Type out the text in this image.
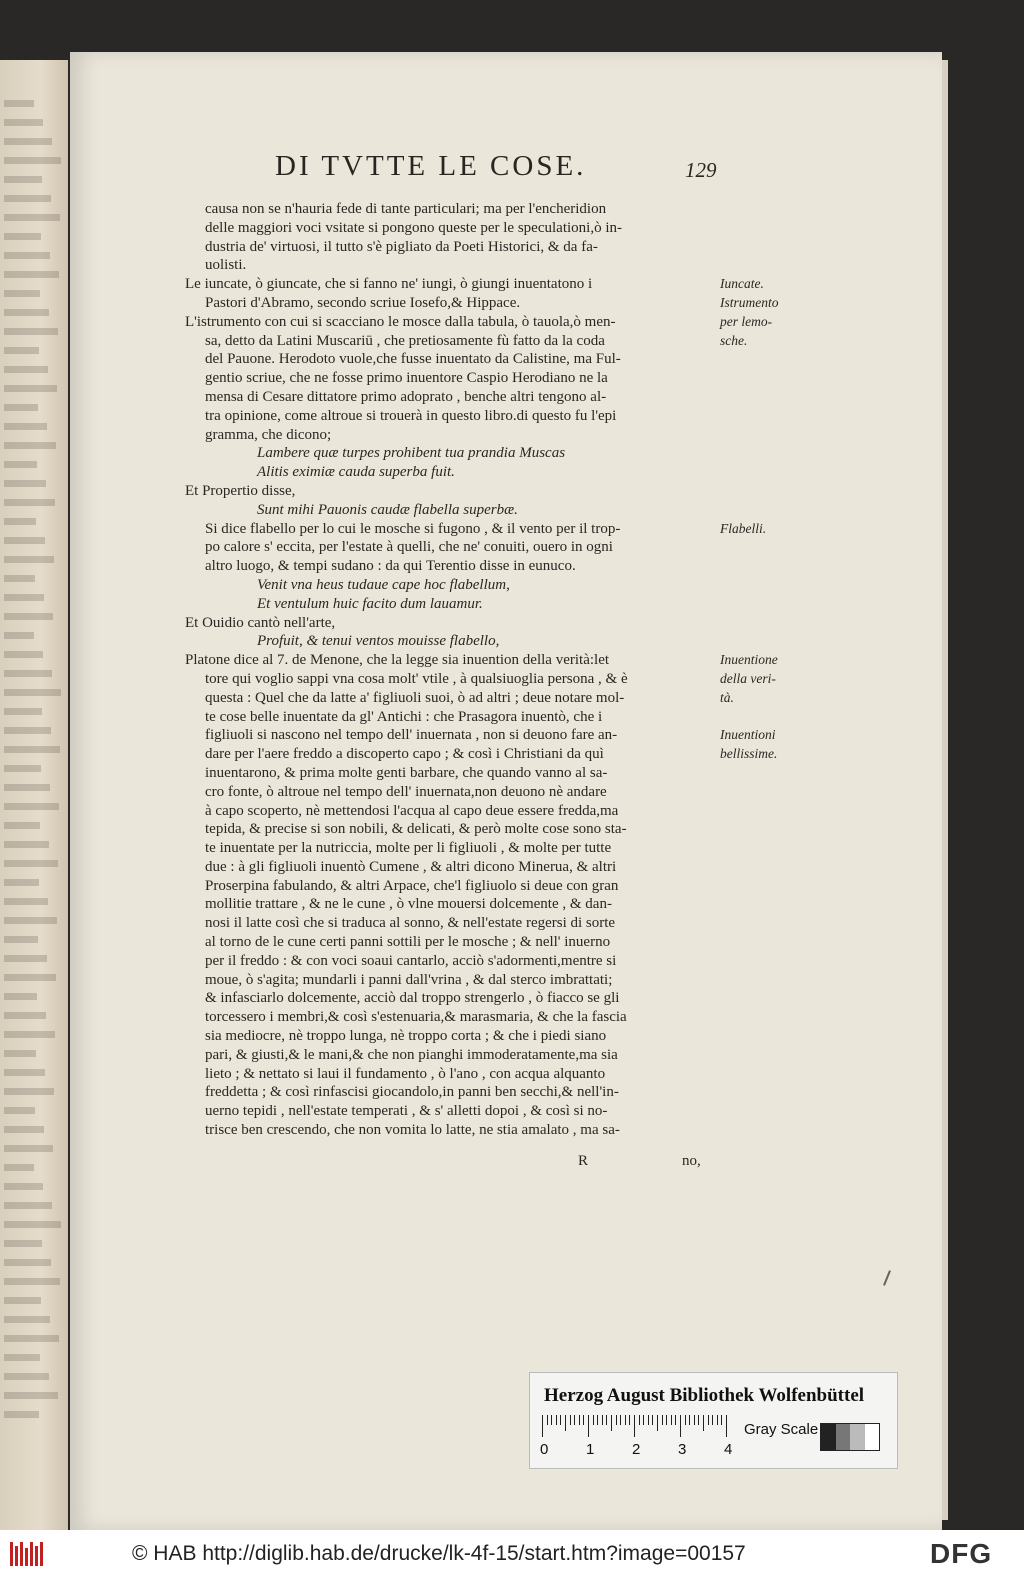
DI TVTTE LE COSE.	129
causa non se n'hauria fede di tante particulari; ma per l'encheridion
delle maggiori voci vsitate si pongono queste per le speculationi,ò in-
dustria de' virtuosi, il tutto s'è pigliato da Poeti Historici, & da fa-
uolisti.
Le iuncate, ò giuncate, che si fanno ne' iungi, ò giungi inuentatono i
Pastori d'Abramo, secondo scriue Iosefo,& Hippace.
L'istrumento con cui si scacciano le mosce dalla tabula, ò tauola,ò men-
sa, detto da Latini Muscariū , che pretiosamente fù fatto da la coda
del Pauone. Herodoto vuole,che fusse inuentato da Calistine, ma Ful-
gentio scriue, che ne fosse primo inuentore Caspio Herodiano ne la
mensa di Cesare dittatore primo adoprato , benche altri tengono al-
tra opinione, come altroue si trouerà in questo libro.di questo fu l'epi
gramma, che dicono;
Lambere quæ turpes prohibent tua prandia Muscas
Alitis eximiæ cauda superba fuit.
Et Propertio disse,
Sunt mihi Pauonis caudæ flabella superbæ.
Si dice flabello per lo cui le mosche si fugono , & il vento per il trop-
po calore s' eccita, per l'estate à quelli, che ne' conuiti, ouero in ogni
altro luogo, & tempi sudano : da qui Terentio disse in eunuco.
Venit vna heus tudaue cape hoc flabellum,
Et ventulum huic facito dum lauamur.
Et Ouidio cantò nell'arte,
Profuit, & tenui ventos mouisse flabello,
Platone dice al 7. de Menone, che la legge sia inuention della verità:let
tore qui voglio sappi vna cosa molt' vtile , à qualsiuoglia persona , & è
questa : Quel che da latte a' figliuoli suoi, ò ad altri ; deue notare mol-
te cose belle inuentate da gl' Antichi : che Prasagora inuentò, che i
figliuoli si nascono nel tempo dell' inuernata , non si deuono fare an-
dare per l'aere freddo a discoperto capo ; & così i Christiani da quì
inuentarono, & prima molte genti barbare, che quando vanno al sa-
cro fonte, ò altroue nel tempo dell' inuernata,non deuono nè andare
à capo scoperto, nè mettendosi l'acqua al capo deue essere fredda,ma
tepida, & precise si son nobili, & delicati, & però molte cose sono sta-
te inuentate per la nutriccia, molte per li figliuoli , & molte per tutte
due : à gli figliuoli inuentò Cumene , & altri dicono Minerua, & altri
Proserpina fabulando, & altri Arpace, che'l figliuolo si deue con gran
mollitie trattare , & ne le cune , ò vlne mouersi dolcemente , & dan-
nosi il latte così che si traduca al sonno, & nell'estate regersi di sorte
al torno de le cune certi panni sottili per le mosche ; & nell' inuerno
per il freddo : & con voci soaui cantarlo, acciò s'adormenti,mentre si
moue, ò s'agita; mundarli i panni dall'vrina , & dal sterco imbrattati;
& infasciarlo dolcemente, acciò dal troppo strengerlo , ò fiacco se gli
torcessero i membri,& così s'estenuaria,& marasmaria, & che la fascia
sia mediocre, nè troppo lunga, nè troppo corta ; & che i piedi siano
pari, & giusti,& le mani,& che non pianghi immoderatamente,ma sia
lieto ; & nettato si laui il fundamento , ò l'ano , con acqua alquanto
freddetta ; & così rinfascisi giocandolo,in panni ben secchi,& nell'in-
uerno tepidi , nell'estate temperati , & s' alletti dopoi , & così si no-
trisce ben crescendo, che non vomita lo latte, ne stia amalato , ma sa-
R	no,
Iuncate.
Istrumento
per lemo-
sche.
Flabelli.
Inuentione
della veri-
tà.
Inuentioni
bellissime.
Herzog August Bibliothek Wolfenbüttel
0	1	2	3	4
Gray Scale
© HAB http://diglib.hab.de/drucke/lk-4f-15/start.htm?image=00157	DFG
